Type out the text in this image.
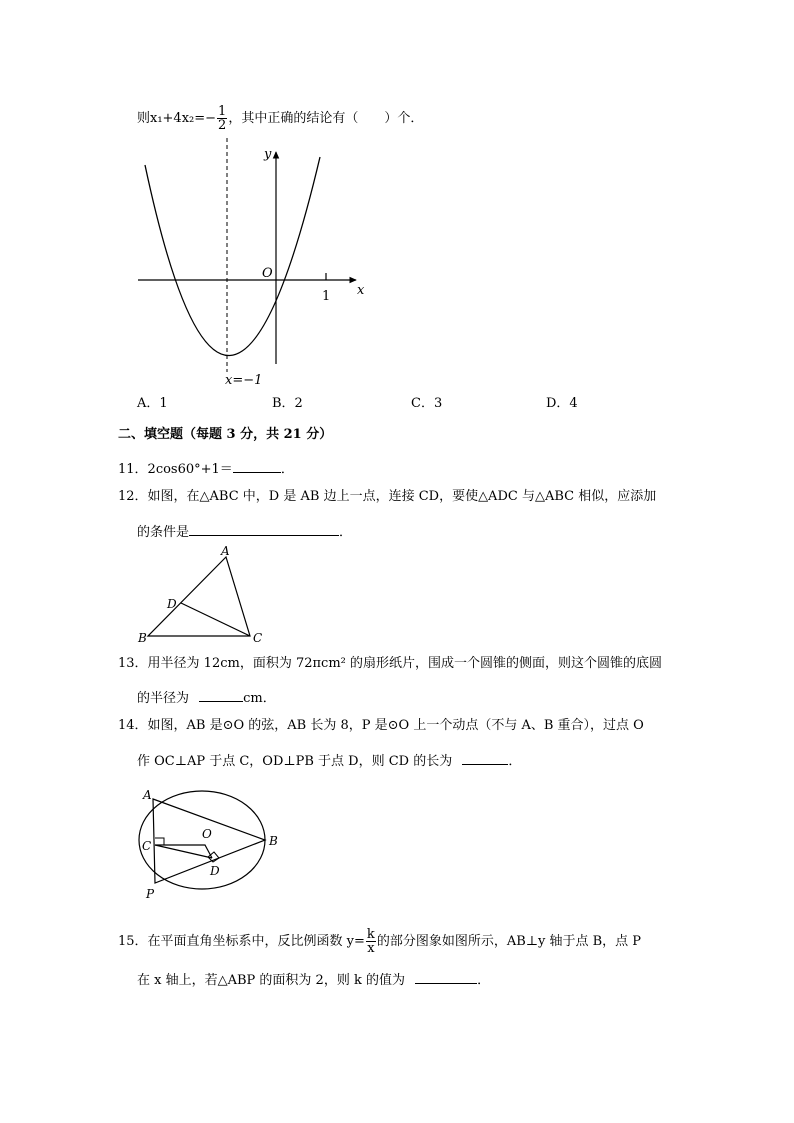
则$x_1+4x_2=- \frac{1}{2}$ ，其中正确的结论有（　　）个．
y
x
O
1
x=−1
A．1	B．2	C．3	D．4
二、填空题（每题 3 分，共 21 分）
11．2cos60°+1＝	．
12．如图，在△ABC 中，D 是 AB 边上一点，连接 CD，要使△ADC 与△ABC 相似，应添加
的条件是	．
A
B	C
D
13．用半径为 12cm，面积为 72πcm² 的扇形纸片，围成一个圆锥的侧面，则这个圆锥的底圆
的半径为	cm．
14．如图，AB 是⊙O 的弦，AB 长为 8，P 是⊙O 上一个动点（不与 A、B 重合），过点 O
作 OC⊥AP 于点 C，OD⊥PB 于点 D，则 CD 的长为	．
A
B
C
O
D
P
15．在平面直角坐标系中，反比例函数 $y= \frac{k}{x}$ 的部分图象如图所示，AB⊥y 轴于点 B，点 P
在 x 轴上，若△ABP 的面积为 2，则 k 的值为	．
